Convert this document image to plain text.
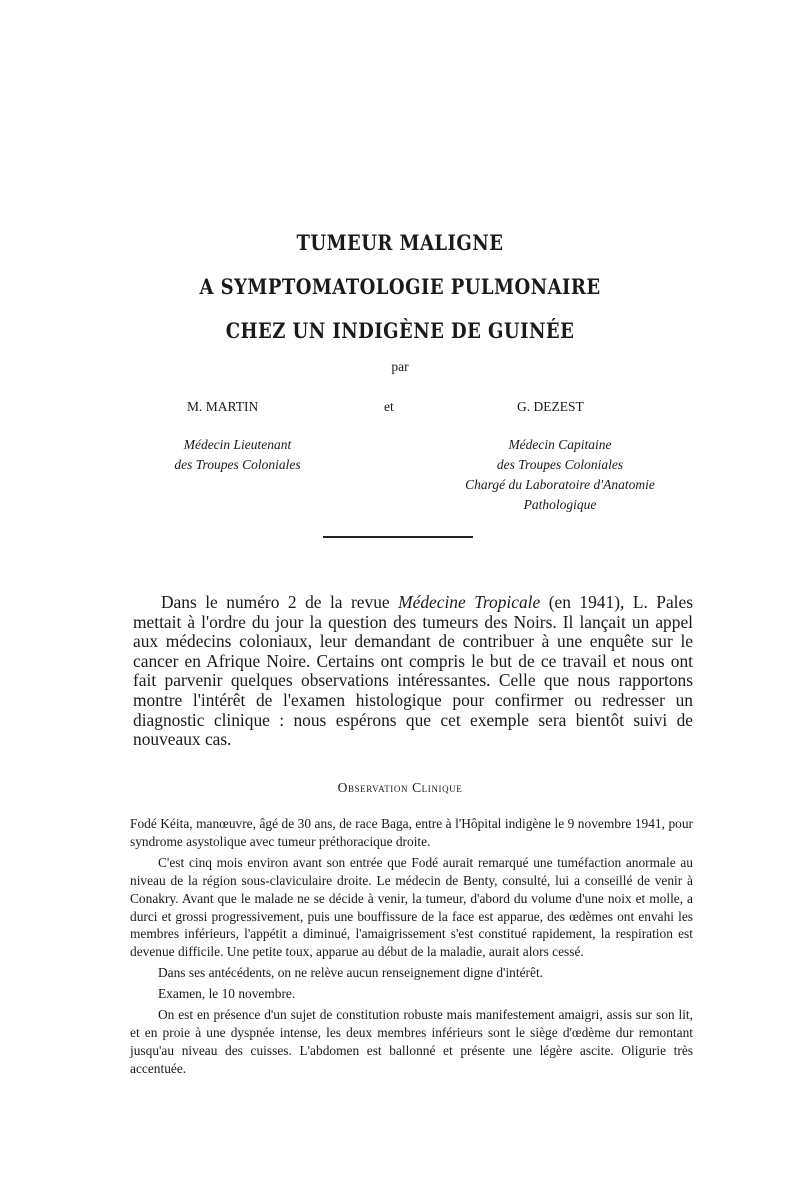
TUMEUR MALIGNE
A SYMPTOMATOLOGIE PULMONAIRE
CHEZ UN INDIGÈNE DE GUINÉE
par
M. MARTIN	et	G. DEZEST
Médecin Lieutenant
des Troupes Coloniales
Médecin Capitaine
des Troupes Coloniales
Chargé du Laboratoire d'Anatomie
Pathologique
Dans le numéro 2 de la revue Médecine Tropicale (en 1941), L. Pales mettait à l'ordre du jour la question des tumeurs des Noirs. Il lançait un appel aux médecins coloniaux, leur demandant de contribuer à une enquête sur le cancer en Afrique Noire. Certains ont compris le but de ce travail et nous ont fait parvenir quelques observations intéressantes. Celle que nous rapportons montre l'intérêt de l'examen histologique pour confirmer ou redresser un diagnostic clinique : nous espérons que cet exemple sera bientôt suivi de nouveaux cas.
Observation Clinique

Fodé Kéita, manœuvre, âgé de 30 ans, de race Baga, entre à l'Hôpital indigène le 9 novembre 1941, pour syndrome asystolique avec tumeur préthoracique droite.

C'est cinq mois environ avant son entrée que Fodé aurait remarqué une tuméfaction anormale au niveau de la région sous-claviculaire droite. Le médecin de Benty, consulté, lui a conseillé de venir à Conakry. Avant que le malade ne se décide à venir, la tumeur, d'abord du volume d'une noix et molle, a durci et grossi progressivement, puis une bouffissure de la face est apparue, des œdèmes ont envahi les membres inférieurs, l'appétit a diminué, l'amaigrissement s'est constitué rapidement, la respiration est devenue difficile. Une petite toux, apparue au début de la maladie, aurait alors cessé.

Dans ses antécédents, on ne relève aucun renseignement digne d'intérêt.

Examen, le 10 novembre.

On est en présence d'un sujet de constitution robuste mais manifestement amaigri, assis sur son lit, et en proie à une dyspnée intense, les deux membres inférieurs sont le siège d'œdème dur remontant jusqu'au niveau des cuisses. L'abdomen est ballonné et présente une légère ascite. Oligurie très accentuée.
